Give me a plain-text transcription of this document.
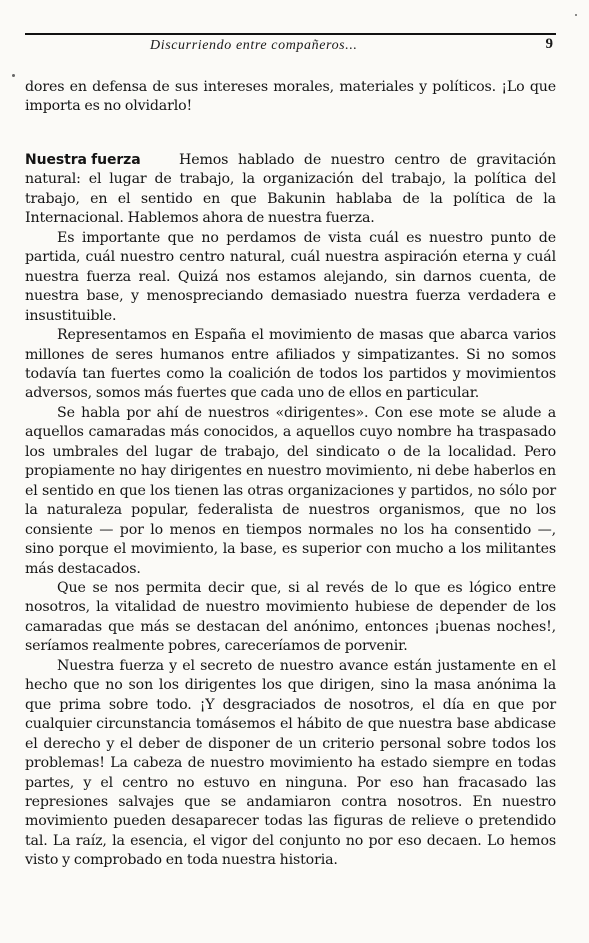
Discurriendo entre compañeros...	9

dores en defensa de sus intereses morales, materiales y políticos. ¡Lo que importa es no olvidarlo!

Nuestra fuerza	Hemos hablado de nuestro centro de gravitación natural: el lugar de trabajo, la organización del trabajo, la política del trabajo, en el sentido en que Bakunin hablaba de la política de la Internacional. Hablemos ahora de nuestra fuerza.

Es importante que no perdamos de vista cuál es nuestro punto de partida, cuál nuestro centro natural, cuál nuestra aspiración eterna y cuál nuestra fuerza real. Quizá nos estamos alejando, sin darnos cuenta, de nuestra base, y menospreciando demasiado nuestra fuerza verdadera e insustituible.

Representamos en España el movimiento de masas que abarca varios millones de seres humanos entre afiliados y simpatizantes. Si no somos todavía tan fuertes como la coalición de todos los partidos y movimientos adversos, somos más fuertes que cada uno de ellos en particular.

Se habla por ahí de nuestros «dirigentes». Con ese mote se alude a aquellos camaradas más conocidos, a aquellos cuyo nombre ha traspasado los umbrales del lugar de trabajo, del sindicato o de la localidad. Pero propiamente no hay dirigentes en nuestro movimiento, ni debe haberlos en el sentido en que los tienen las otras organizaciones y partidos, no sólo por la naturaleza popular, federalista de nuestros organismos, que no los consiente — por lo menos en tiempos normales no los ha consentido —, sino porque el movimiento, la base, es superior con mucho a los militantes más destacados.

Que se nos permita decir que, si al revés de lo que es lógico entre nosotros, la vitalidad de nuestro movimiento hubiese de depender de los camaradas que más se destacan del anónimo, entonces ¡buenas noches!, seríamos realmente pobres, careceríamos de porvenir.

Nuestra fuerza y el secreto de nuestro avance están justamente en el hecho que no son los dirigentes los que dirigen, sino la masa anónima la que prima sobre todo. ¡Y desgraciados de nosotros, el día en que por cualquier circunstancia tomásemos el hábito de que nuestra base abdicase el derecho y el deber de disponer de un criterio personal sobre todos los problemas! La cabeza de nuestro movimiento ha estado siempre en todas partes, y el centro no estuvo en ninguna. Por eso han fracasado las represiones salvajes que se andamiaron contra nosotros. En nuestro movimiento pueden desaparecer todas las figuras de relieve o pretendido tal. La raíz, la esencia, el vigor del conjunto no por eso decaen. Lo hemos visto y comprobado en toda nuestra historia.
